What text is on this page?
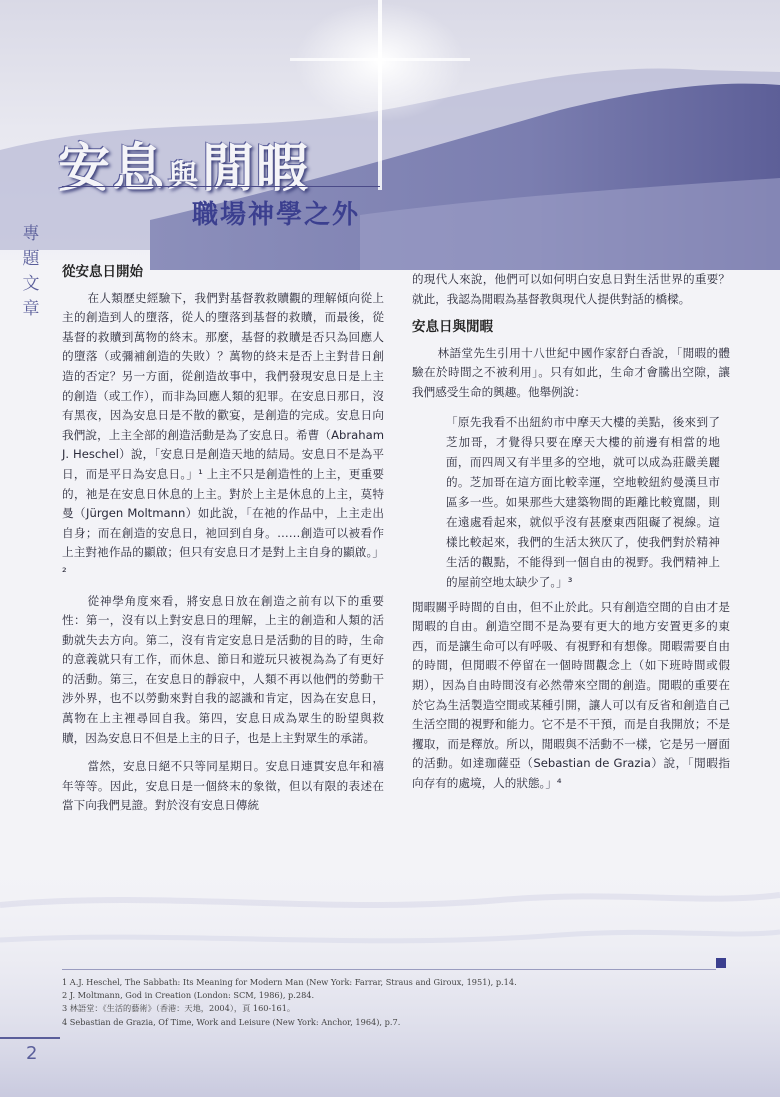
安息與閒暇
職場神學之外
專
題
文
章
從安息日開始

在人類歷史經驗下，我們對基督教救贖觀的理解傾向從上主的創造到人的墮落，從人的墮落到基督的救贖，而最後，從基督的救贖到萬物的終末。那麼，基督的救贖是否只為回應人的墮落（或彌補創造的失敗）？萬物的終末是否上主對昔日創造的否定？另一方面，從創造故事中，我們發現安息日是上主的創造（或工作），而非為回應人類的犯罪。在安息日那日，沒有黑夜，因為安息日是不散的歡宴，是創造的完成。安息日向我們說，上主全部的創造活動是為了安息日。希曹（Abraham J. Heschel）說，「安息日是創造天地的結局。安息日不是為平日，而是平日為安息日。」¹ 上主不只是創造性的上主，更重要的，祂是在安息日休息的上主。對於上主是休息的上主，莫特曼（Jürgen Moltmann）如此說，「在祂的作品中，上主走出自身；而在創造的安息日，祂回到自身。……創造可以被看作上主對祂作品的顯啟；但只有安息日才是對上主自身的顯啟。」²

從神學角度來看，將安息日放在創造之前有以下的重要性：第一，沒有以上對安息日的理解，上主的創造和人類的活動就失去方向。第二，沒有肯定安息日是活動的目的時，生命的意義就只有工作，而休息、節日和遊玩只被視為為了有更好的活動。第三，在安息日的靜寂中，人類不再以他們的勞動干涉外界，也不以勞動來對自我的認識和肯定，因為在安息日，萬物在上主裡尋回自我。第四，安息日成為眾生的盼望與救贖，因為安息日不但是上主的日子，也是上主對眾生的承諾。

當然，安息日絕不只等同星期日。安息日連貫安息年和禧年等等。因此，安息日是一個終末的象徵，但以有限的表述在當下向我們見證。對於沒有安息日傳統

的現代人來說，他們可以如何明白安息日對生活世界的重要？就此，我認為閒暇為基督教與現代人提供對話的橋樑。

安息日與閒暇

林語堂先生引用十八世紀中國作家舒白香說，「閒暇的體驗在於時間之不被利用」。只有如此，生命才會騰出空隙，讓我們感受生命的興趣。他舉例說：

「原先我看不出紐約市中摩天大樓的美點，後來到了芝加哥，才覺得只要在摩天大樓的前邊有相當的地面，而四周又有半里多的空地，就可以成為莊嚴美麗的。芝加哥在這方面比較幸運，空地較紐約曼漢旦市區多一些。如果那些大建築物間的距離比較寬闊，則在遠處看起來，就似乎沒有甚麼東西阻礙了視線。這樣比較起來，我們的生活太狹仄了，使我們對於精神生活的觀點，不能得到一個自由的視野。我們精神上的屋前空地太缺少了。」³

閒暇關乎時間的自由，但不止於此。只有創造空間的自由才是閒暇的自由。創造空間不是為要有更大的地方安置更多的東西，而是讓生命可以有呼吸、有視野和有想像。閒暇需要自由的時間，但閒暇不停留在一個時間觀念上（如下班時間或假期），因為自由時間沒有必然帶來空間的創造。閒暇的重要在於它為生活製造空間或某種引開，讓人可以有反省和創造自己生活空間的視野和能力。它不是不干預，而是自我開放；不是攫取，而是釋放。所以，閒暇與不活動不一樣，它是另一層面的活動。如達珈薩亞（Sebastian de Grazia）說，「閒暇指向存有的處境，人的狀態。」⁴

1 A.J. Heschel, The Sabbath: Its Meaning for Modern Man (New York: Farrar, Straus and Giroux, 1951), p.14.
2 J. Moltmann, God in Creation (London: SCM, 1986), p.284.
3 林語堂：《生活的藝術》（香港：天地，2004），頁 160-161。
4 Sebastian de Grazia, Of Time, Work and Leisure (New York: Anchor, 1964), p.7.
2
